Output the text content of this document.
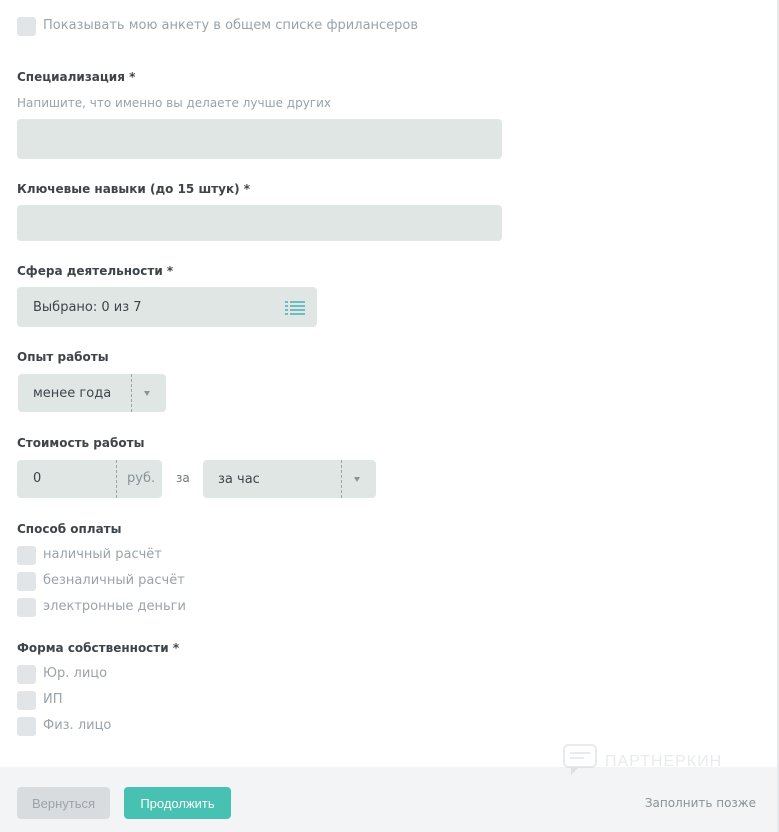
Показывать мою анкету в общем списке фрилансеров
Специализация *
Напишите, что именно вы делаете лучше других
Ключевые навыки (до 15 штук) *
Сфера деятельности *
Выбрано: 0 из 7
Опыт работы
менее года
Стоимость работы
0	руб. за за час
Способ оплаты
наличный расчёт
безналичный расчёт
электронные деньги
Форма собственности *
Юр. лицо
ИП
Физ. лицо
Вернуться	Продолжить	Заполнить позже
ПАРТНЕРКИН
